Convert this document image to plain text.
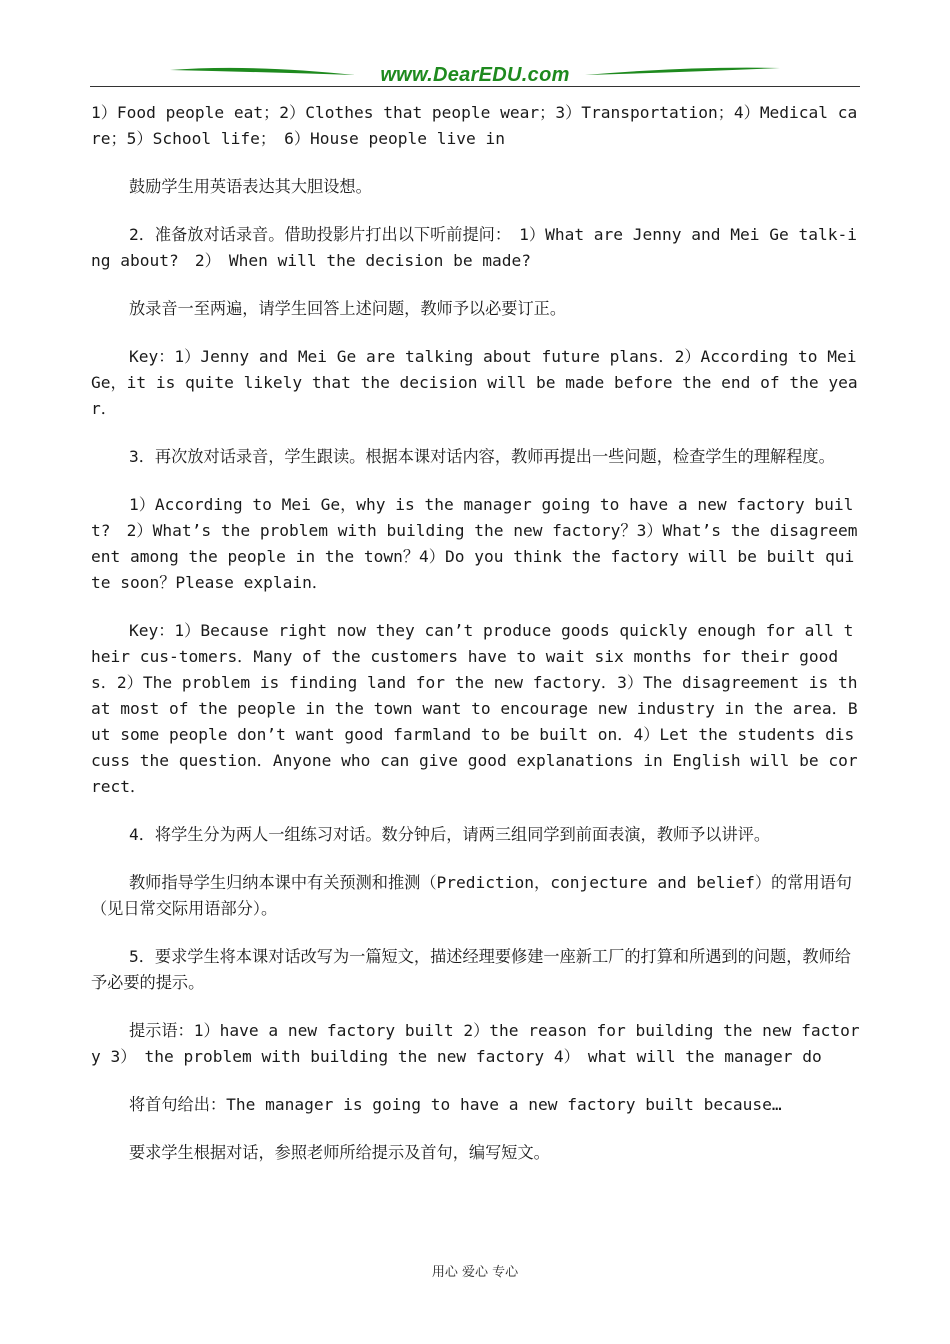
www.DearEDU.com

1）Food people eat；2）Clothes that people wear；3）Transportation；4）Medical care；5）School life；　6）House people live in

鼓励学生用英语表达其大胆设想。

2．准备放对话录音。借助投影片打出以下听前提问：　1）What are Jenny and Mei Ge talk-ing about?　2）　When will the decision be made?

放录音一至两遍，请学生回答上述问题，教师予以必要订正。

Key：1）Jenny and Mei Ge are talking about future plans．2）According to Mei Ge，it is quite likely that the decision will be made before the end of the year．

3．再次放对话录音，学生跟读。根据本课对话内容，教师再提出一些问题，检查学生的理解程度。

1）According to Mei Ge，why is the manager going to have a new factory built?　2）What’s the problem with building the new factory？3）What’s the disagreement among the people in the town？4）Do you think the factory will be built quite soon？Please explain．

Key：1）Because right now they can’t produce goods quickly enough for all their cus-tomers．Many of the customers have to wait six months for their goods．2）The problem is finding land for the new factory．3）The disagreement is that most of the people in the town want to encourage new industry in the area．But some people don’t want good farmland to be built on．4）Let the students discuss the question．Anyone who can give good explanations in English will be correct．

4．将学生分为两人一组练习对话。数分钟后，请两三组同学到前面表演，教师予以讲评。

教师指导学生归纳本课中有关预测和推测（Prediction，conjecture and belief）的常用语句（见日常交际用语部分）。

5．要求学生将本课对话改写为一篇短文，描述经理要修建一座新工厂的打算和所遇到的问题，教师给予必要的提示。

提示语：1）have a new factory built 2）the reason for building the new factory 3）　the problem with building the new factory 4）　what will the manager do

将首句给出：The manager is going to have a new factory built because…

要求学生根据对话，参照老师所给提示及首句，编写短文。

用心 爱心 专心
